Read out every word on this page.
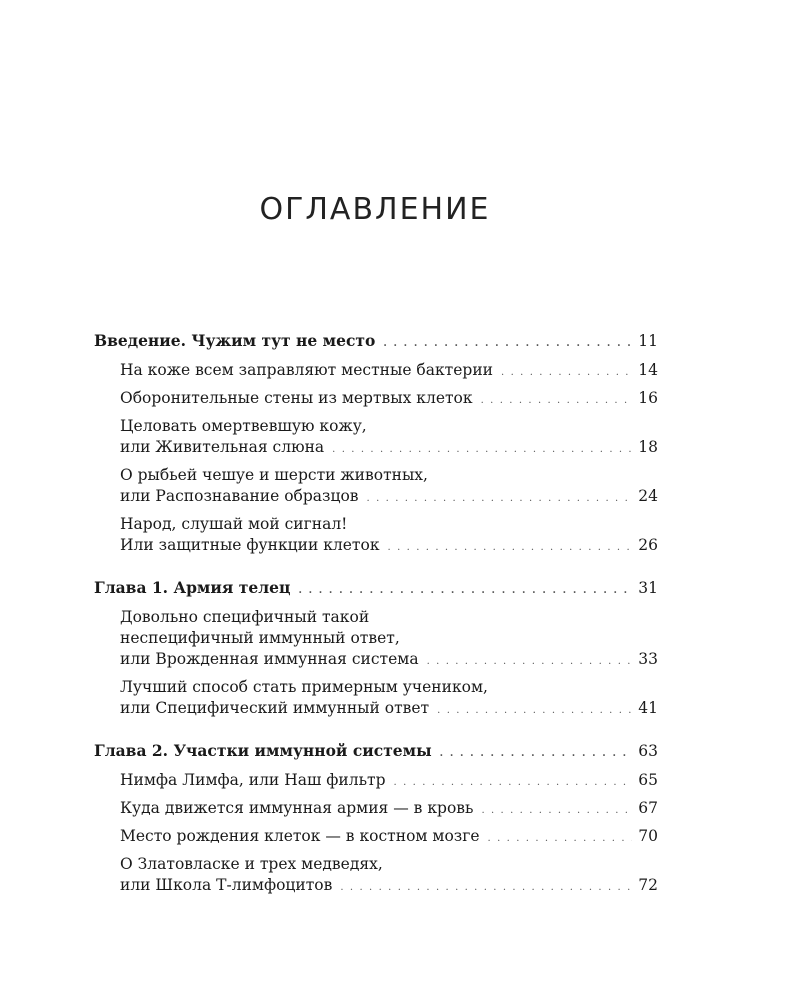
ОГЛАВЛЕНИЕ
Введение. Чужим тут не место . . .	11
На коже всем заправляют местные бактерии . . .	14
Оборонительные стены из мертвых клеток . . .	16
Целовать омертвевшую кожу,
или Живительная слюна . . .	18
О рыбьей чешуе и шерсти животных,
или Распознавание образцов . . .	24
Народ, слушай мой сигнал!
Или защитные функции клеток . . .	26
Глава 1. Армия телец . . .	31
Довольно специфичный такой
неспецифичный иммунный ответ,
или Врожденная иммунная система . . .	33
Лучший способ стать примерным учеником,
или Специфический иммунный ответ . . .	41
Глава 2. Участки иммунной системы . . .	63
Нимфа Лимфа, или Наш фильтр . . .	65
Куда движется иммунная армия — в кровь . . .	67
Место рождения клеток — в костном мозге . . .	70
О Златовласке и трех медведях,
или Школа Т-лимфоцитов . . .	72
